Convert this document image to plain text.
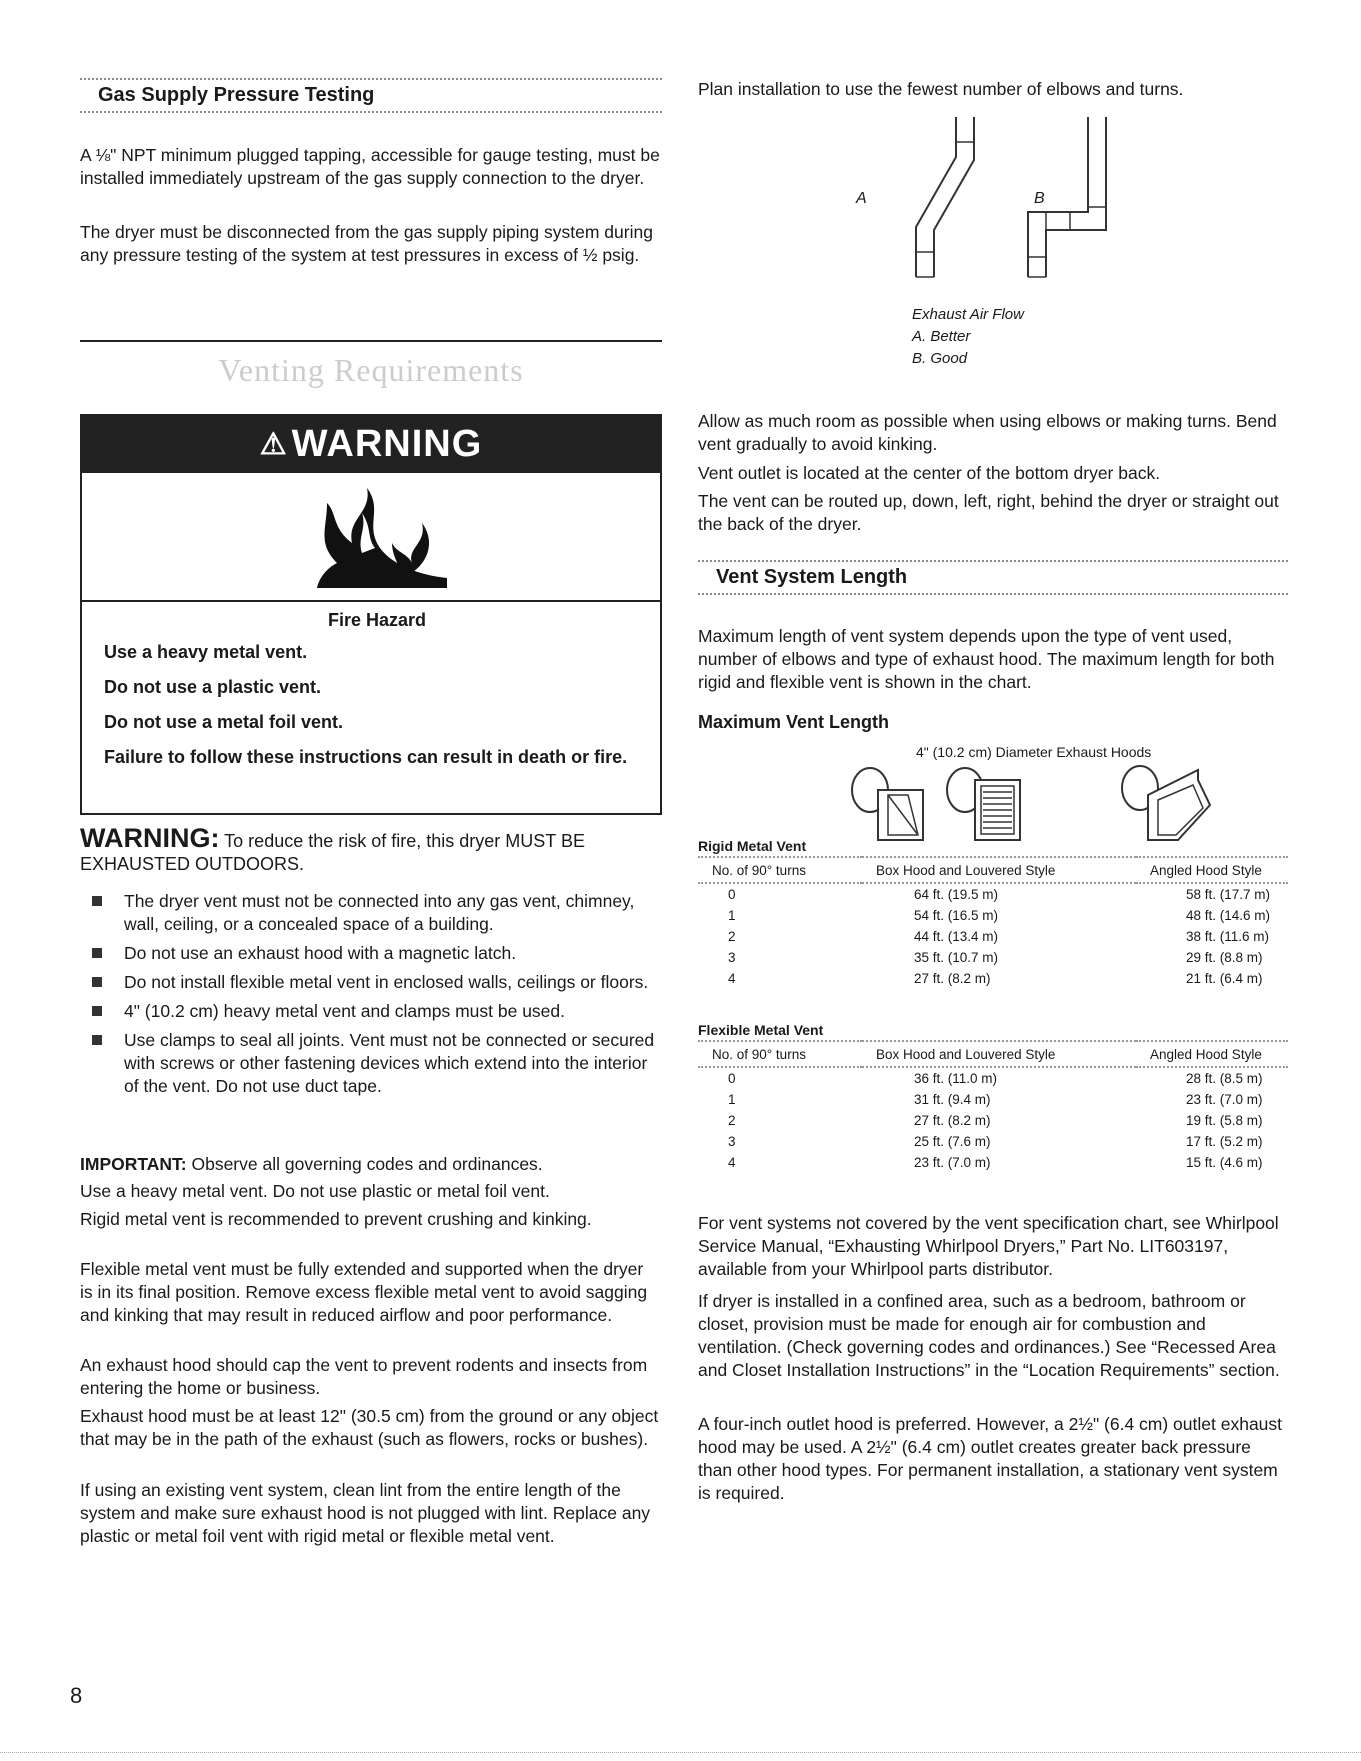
Gas Supply Pressure Testing

A ⅛" NPT minimum plugged tapping, accessible for gauge testing, must be installed immediately upstream of the gas supply connection to the dryer.

The dryer must be disconnected from the gas supply piping system during any pressure testing of the system at test pressures in excess of ½ psig.

Venting Requirements
⚠ WARNING
Fire Hazard
Use a heavy metal vent.
Do not use a plastic vent.
Do not use a metal foil vent.
Failure to follow these instructions can result in death or fire.

WARNING: To reduce the risk of fire, this dryer MUST BE EXHAUSTED OUTDOORS.

The dryer vent must not be connected into any gas vent, chimney, wall, ceiling, or a concealed space of a building.

Do not use an exhaust hood with a magnetic latch.

Do not install flexible metal vent in enclosed walls, ceilings or floors.

4" (10.2 cm) heavy metal vent and clamps must be used.

Use clamps to seal all joints. Vent must not be connected or secured with screws or other fastening devices which extend into the interior of the vent. Do not use duct tape.

IMPORTANT: Observe all governing codes and ordinances.

Use a heavy metal vent. Do not use plastic or metal foil vent.

Rigid metal vent is recommended to prevent crushing and kinking.

Flexible metal vent must be fully extended and supported when the dryer is in its final position. Remove excess flexible metal vent to avoid sagging and kinking that may result in reduced airflow and poor performance.

An exhaust hood should cap the vent to prevent rodents and insects from entering the home or business.

Exhaust hood must be at least 12" (30.5 cm) from the ground or any object that may be in the path of the exhaust (such as flowers, rocks or bushes).

If using an existing vent system, clean lint from the entire length of the system and make sure exhaust hood is not plugged with lint. Replace any plastic or metal foil vent with rigid metal or flexible metal vent.

Plan installation to use the fewest number of elbows and turns.

A	B
Exhaust Air Flow
A. Better
B. Good

Allow as much room as possible when using elbows or making turns. Bend vent gradually to avoid kinking.

Vent outlet is located at the center of the bottom dryer back.

The vent can be routed up, down, left, right, behind the dryer or straight out the back of the dryer.

Vent System Length

Maximum length of vent system depends upon the type of vent used, number of elbows and type of exhaust hood. The maximum length for both rigid and flexible vent is shown in the chart.

Maximum Vent Length
4" (10.2 cm) Diameter Exhaust Hoods
Rigid Metal Vent
No. of 90° turns	Box Hood and Louvered Style	Angled Hood Style
0	64 ft. (19.5 m)	58 ft. (17.7 m)
1	54 ft. (16.5 m)	48 ft. (14.6 m)
2	44 ft. (13.4 m)	38 ft. (11.6 m)
3	35 ft. (10.7 m)	29 ft. (8.8 m)
4	27 ft. (8.2 m)	21 ft. (6.4 m)
Flexible Metal Vent
No. of 90° turns	Box Hood and Louvered Style	Angled Hood Style
0	36 ft. (11.0 m)	28 ft. (8.5 m)
1	31 ft. (9.4 m)	23 ft. (7.0 m)
2	27 ft. (8.2 m)	19 ft. (5.8 m)
3	25 ft. (7.6 m)	17 ft. (5.2 m)
4	23 ft. (7.0 m)	15 ft. (4.6 m)

For vent systems not covered by the vent specification chart, see Whirlpool Service Manual, “Exhausting Whirlpool Dryers,” Part No. LIT603197, available from your Whirlpool parts distributor.

If dryer is installed in a confined area, such as a bedroom, bathroom or closet, provision must be made for enough air for combustion and ventilation. (Check governing codes and ordinances.) See “Recessed Area and Closet Installation Instructions” in the “Location Requirements” section.

A four-inch outlet hood is preferred. However, a 2½" (6.4 cm) outlet exhaust hood may be used. A 2½" (6.4 cm) outlet creates greater back pressure than other hood types. For permanent installation, a stationary vent system is required.

8
